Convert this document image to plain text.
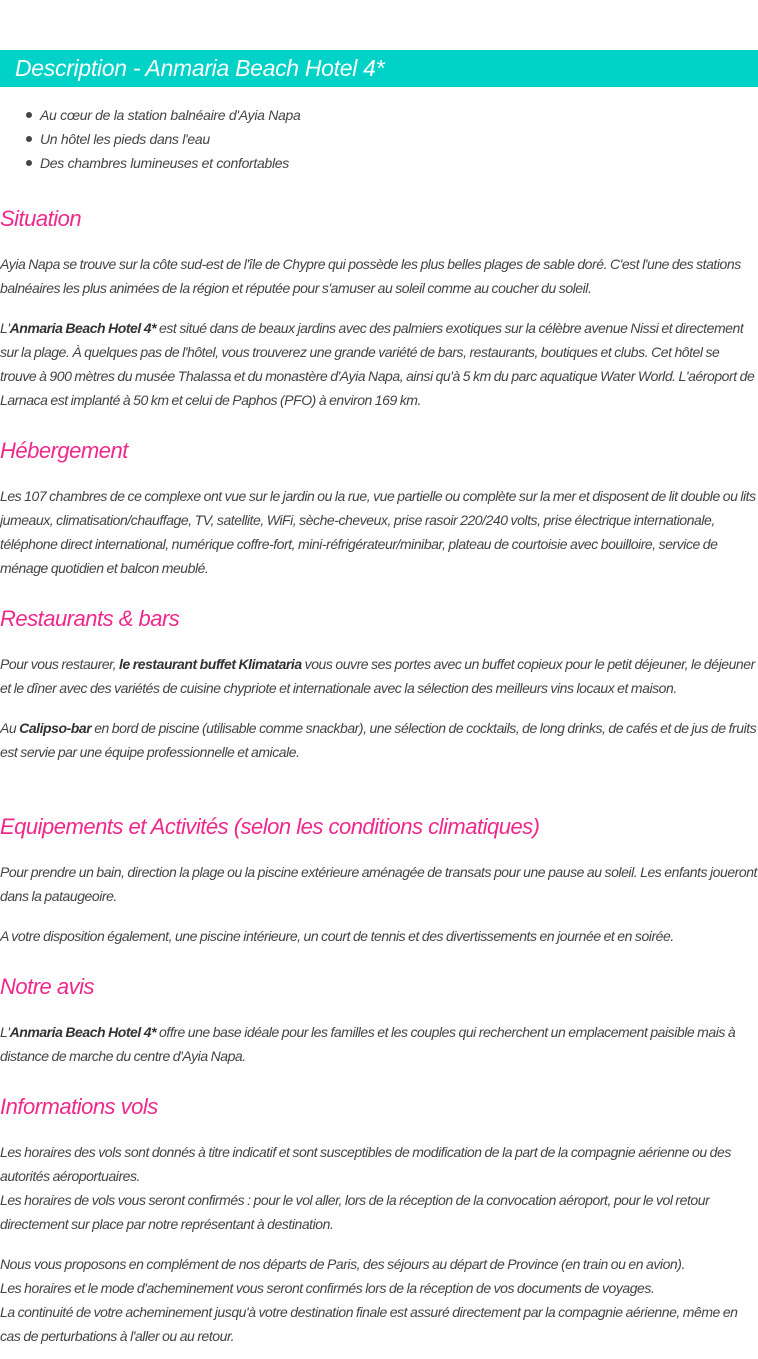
Description - Anmaria Beach Hotel 4*
Au cœur de la station balnéaire d'Ayia Napa
Un hôtel les pieds dans l'eau
Des chambres lumineuses et confortables
Situation

Ayia Napa se trouve sur la côte sud-est de l'île de Chypre qui possède les plus belles plages de sable doré. C'est l'une des stations balnéaires les plus animées de la région et réputée pour s'amuser au soleil comme au coucher du soleil.

L'Anmaria Beach Hotel 4* est situé dans de beaux jardins avec des palmiers exotiques sur la célèbre avenue Nissi et directement sur la plage. À quelques pas de l'hôtel, vous trouverez une grande variété de bars, restaurants, boutiques et clubs. Cet hôtel se trouve à 900 mètres du musée Thalassa et du monastère d'Ayia Napa, ainsi qu'à 5 km du parc aquatique Water World. L'aéroport de Larnaca est implanté à 50 km et celui de Paphos (PFO) à environ 169 km.

Hébergement

Les 107 chambres de ce complexe ont vue sur le jardin ou la rue, vue partielle ou complète sur la mer et disposent de lit double ou lits jumeaux, climatisation/chauffage, TV, satellite, WiFi, sèche-cheveux, prise rasoir 220/240 volts, prise électrique internationale, téléphone direct international, numérique coffre-fort, mini-réfrigérateur/minibar, plateau de courtoisie avec bouilloire, service de ménage quotidien et balcon meublé.

Restaurants & bars

Pour vous restaurer, le restaurant buffet Klimataria vous ouvre ses portes avec un buffet copieux pour le petit déjeuner, le déjeuner et le dîner avec des variétés de cuisine chypriote et internationale avec la sélection des meilleurs vins locaux et maison.

Au Calipso-bar en bord de piscine (utilisable comme snackbar), une sélection de cocktails, de long drinks, de cafés et de jus de fruits est servie par une équipe professionnelle et amicale.

Equipements et Activités (selon les conditions climatiques)

Pour prendre un bain, direction la plage ou la piscine extérieure aménagée de transats pour une pause au soleil. Les enfants joueront dans la pataugeoire.

A votre disposition également, une piscine intérieure, un court de tennis et des divertissements en journée et en soirée.

Notre avis

L'Anmaria Beach Hotel 4* offre une base idéale pour les familles et les couples qui recherchent un emplacement paisible mais à distance de marche du centre d'Ayia Napa.

Informations vols

Les horaires des vols sont donnés à titre indicatif et sont susceptibles de modification de la part de la compagnie aérienne ou des autorités aéroportuaires.

Les horaires de vols vous seront confirmés : pour le vol aller, lors de la réception de la convocation aéroport, pour le vol retour directement sur place par notre représentant à destination.

Nous vous proposons en complément de nos départs de Paris, des séjours au départ de Province (en train ou en avion).

Les horaires et le mode d'acheminement vous seront confirmés lors de la réception de vos documents de voyages.

La continuité de votre acheminement jusqu'à votre destination finale est assuré directement par la compagnie aérienne, même en cas de perturbations à l'aller ou au retour.
